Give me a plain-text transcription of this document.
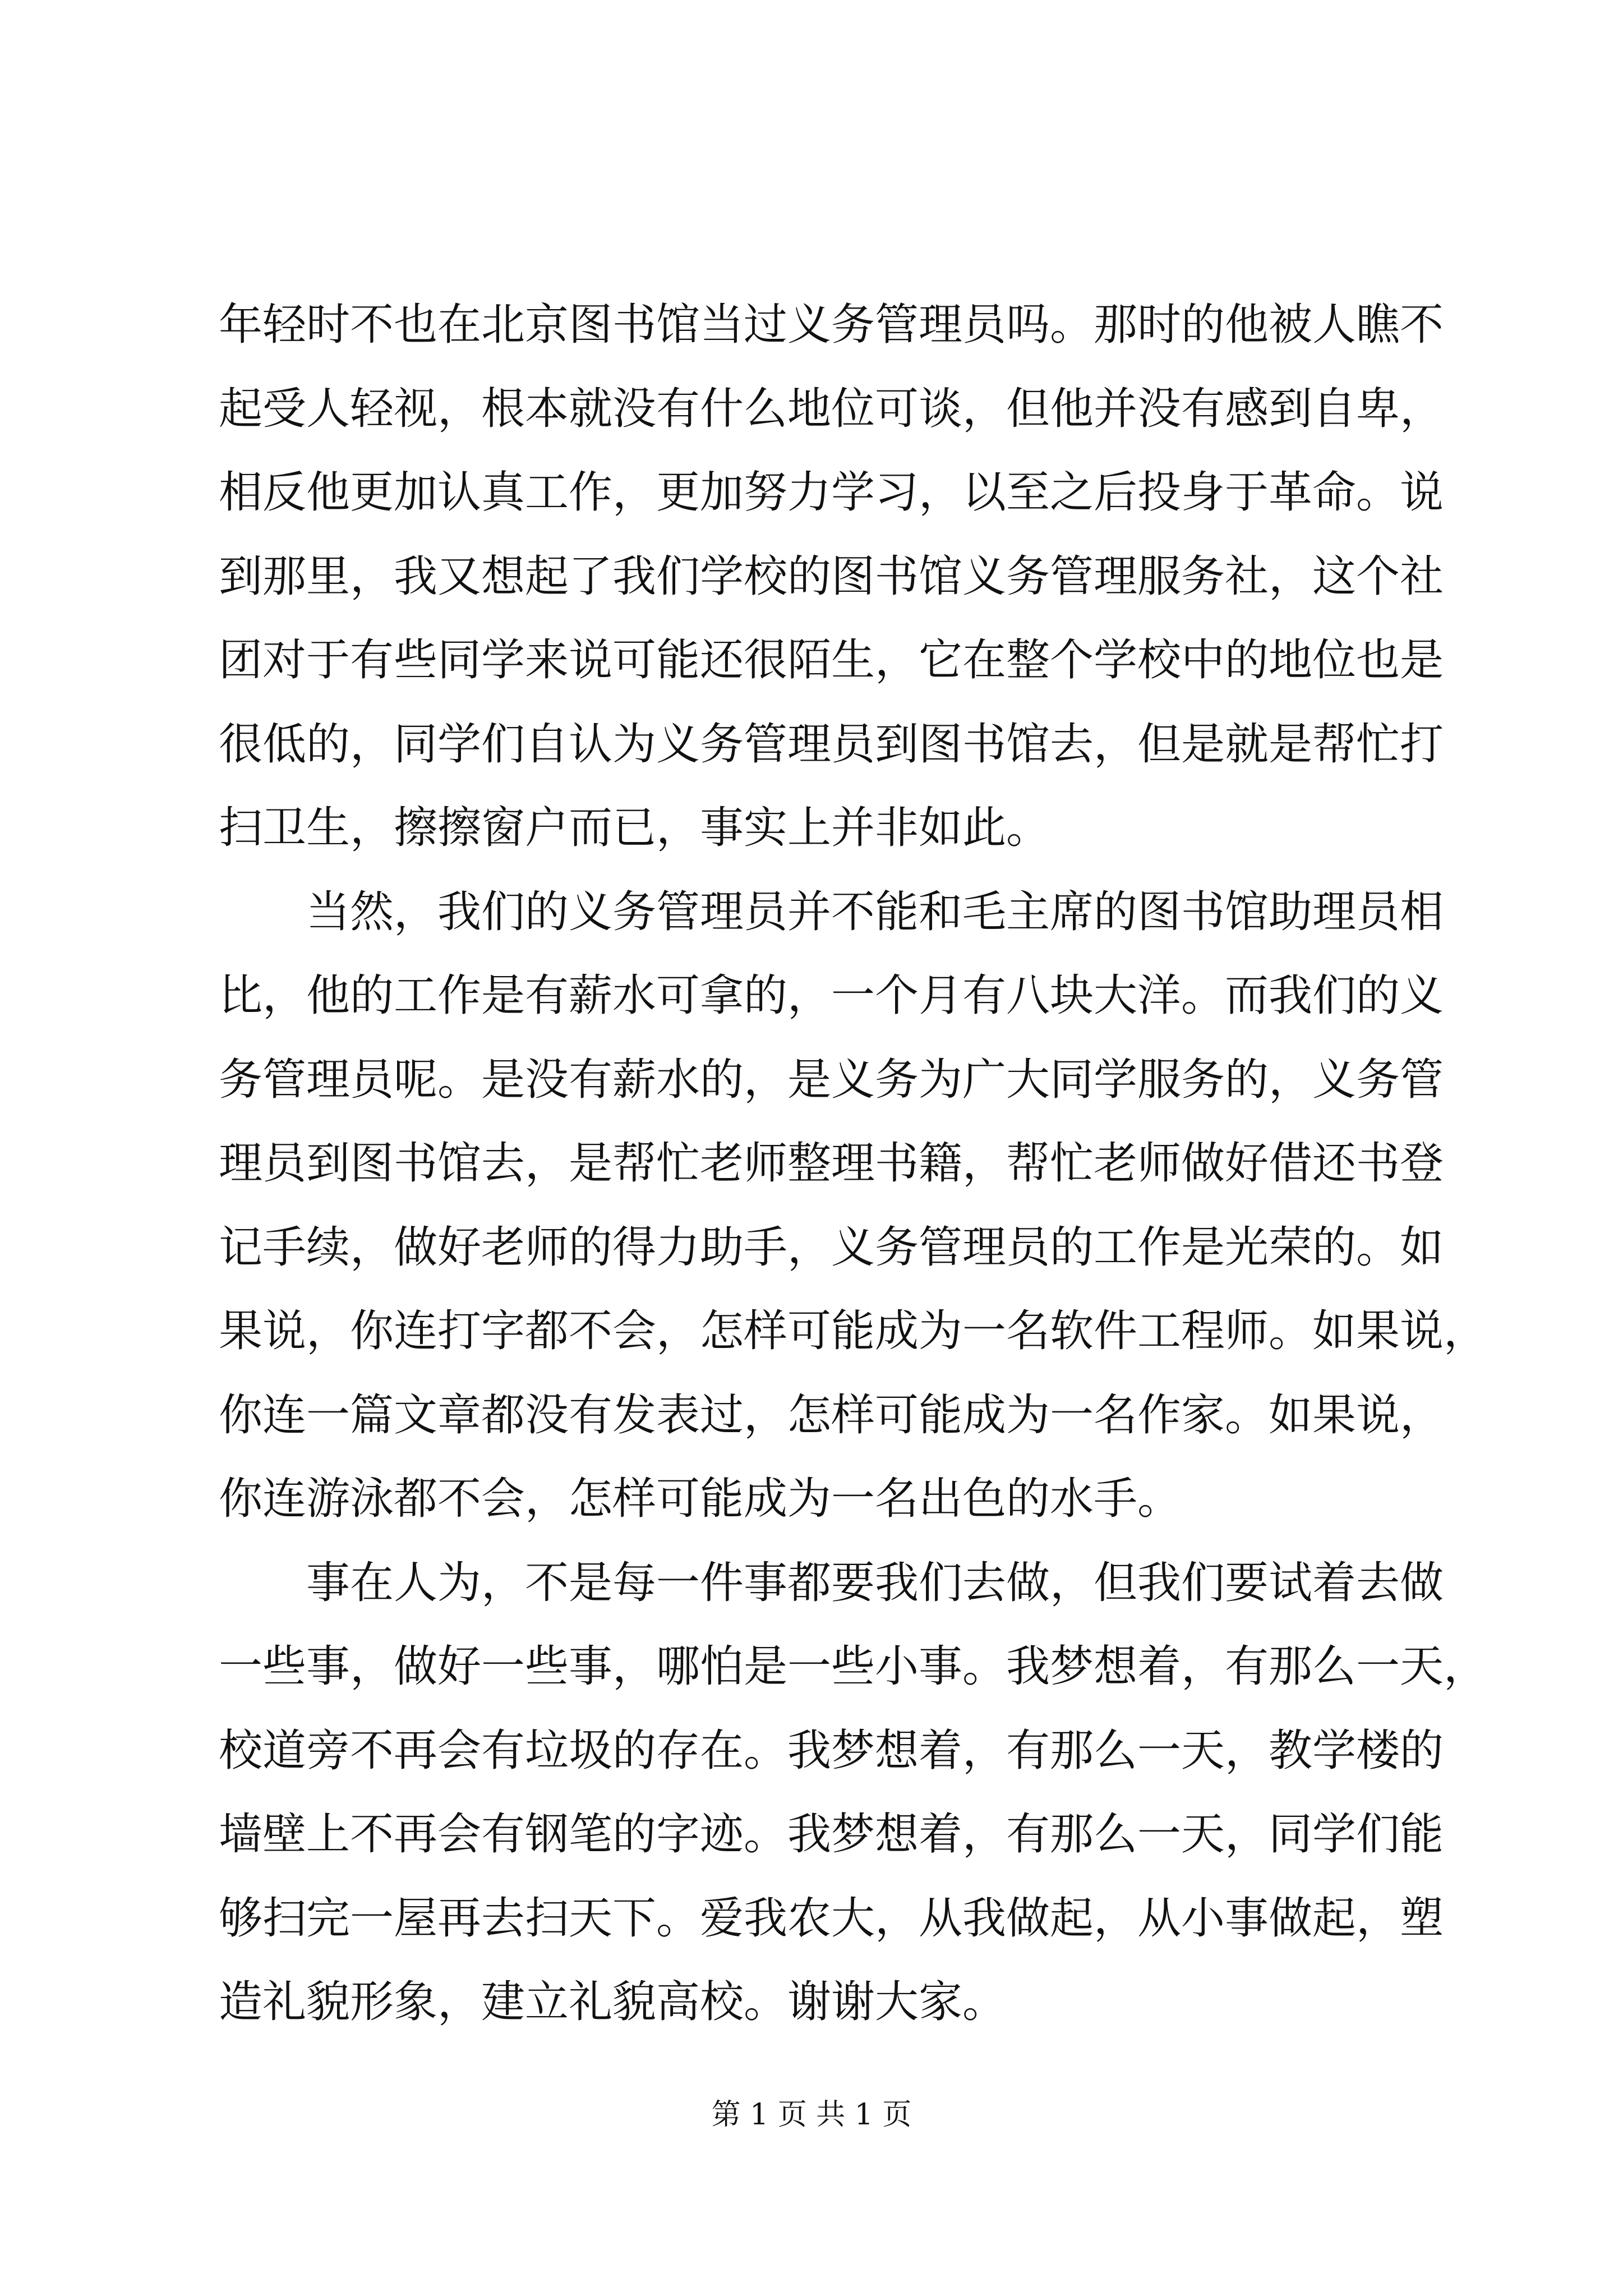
年轻时不也在北京图书馆当过义务管理员吗。那时的他被人瞧不
起受人轻视，根本就没有什么地位可谈，但他并没有感到自卑，
相反他更加认真工作，更加努力学习，以至之后投身于革命。说
到那里，我又想起了我们学校的图书馆义务管理服务社，这个社
团对于有些同学来说可能还很陌生，它在整个学校中的地位也是
很低的，同学们自认为义务管理员到图书馆去，但是就是帮忙打
扫卫生，擦擦窗户而已，事实上并非如此。
当然，我们的义务管理员并不能和毛主席的图书馆助理员相
比，他的工作是有薪水可拿的，一个月有八块大洋。而我们的义
务管理员呢。是没有薪水的，是义务为广大同学服务的，义务管
理员到图书馆去，是帮忙老师整理书籍，帮忙老师做好借还书登
记手续，做好老师的得力助手，义务管理员的工作是光荣的。如
果说，你连打字都不会，怎样可能成为一名软件工程师。如果说，
你连一篇文章都没有发表过，怎样可能成为一名作家。如果说，
你连游泳都不会，怎样可能成为一名出色的水手。
事在人为，不是每一件事都要我们去做，但我们要试着去做
一些事，做好一些事，哪怕是一些小事。我梦想着，有那么一天，
校道旁不再会有垃圾的存在。我梦想着，有那么一天，教学楼的
墙壁上不再会有钢笔的字迹。我梦想着，有那么一天，同学们能
够扫完一屋再去扫天下。爱我农大，从我做起，从小事做起，塑
造礼貌形象，建立礼貌高校。谢谢大家。
第 1 页 共 1 页
